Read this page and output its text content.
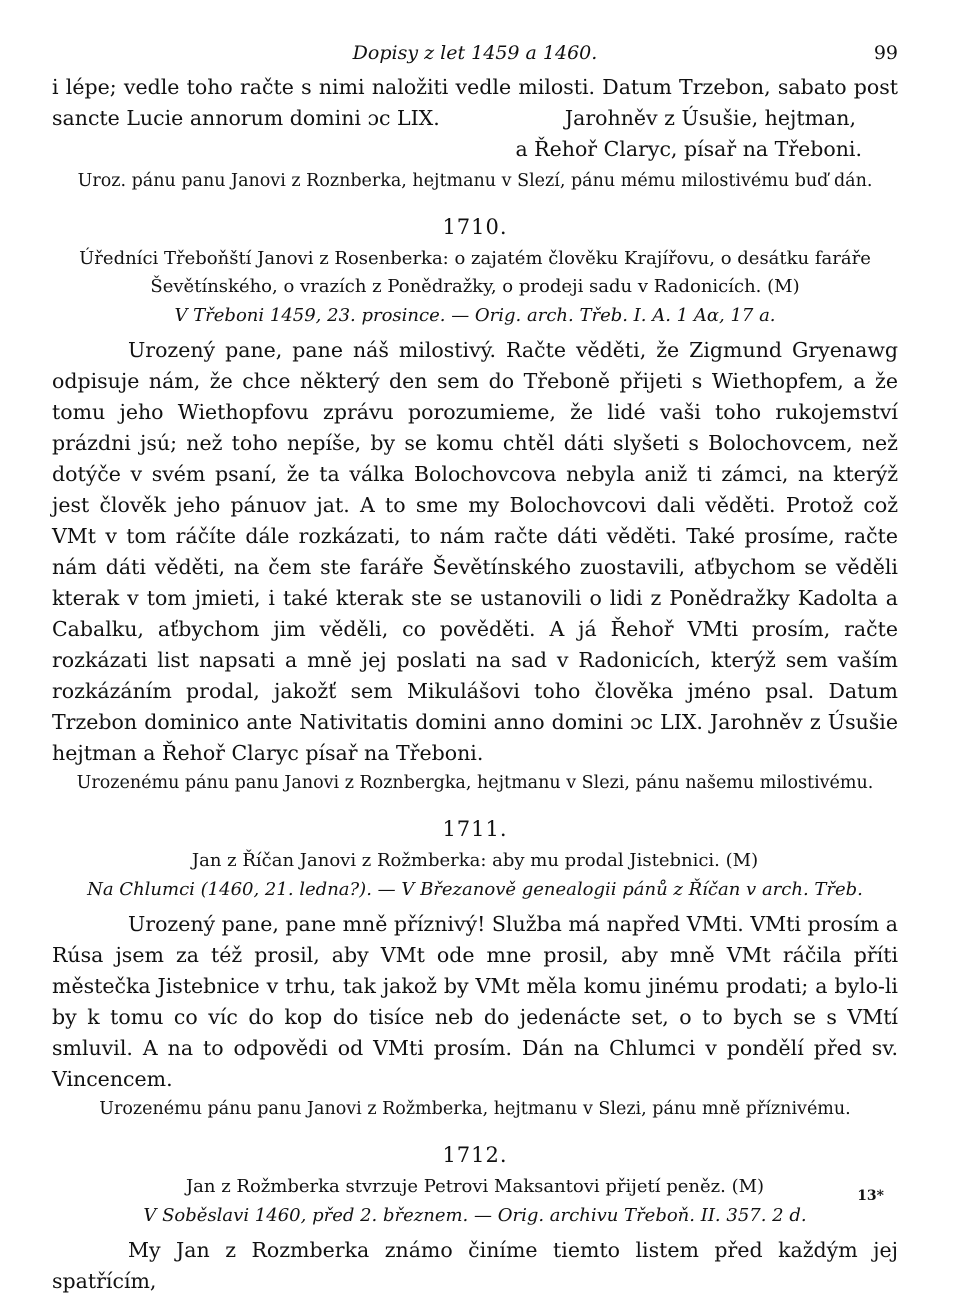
Dopisy z let 1459 a 1460.	99

i lépe; vedle toho račte s nimi naložiti vedle milosti. Datum Trzebon, sabato post sancte Lucie annorum domini ɔc LIX.	Jarohněv z Úsušie, hejtman,

a Řehoř Claryc, písař na Třeboni.

Uroz. pánu panu Janovi z Roznberka, hejtmanu v Slezí, pánu mému milostivému buď dán.

1710.

Úředníci Třeboňští Janovi z Rosenberka: o zajatém člověku Krajířovu, o desátku faráře Ševětínského, o vrazích z Ponědražky, o prodeji sadu v Radonicích. (M)

V Třeboni 1459, 23. prosince. — Orig. arch. Třeb. I. A. 1 Aα, 17 a.

Urozený pane, pane náš milostivý. Račte věděti, že Zigmund Gryenawg odpisuje nám, že chce některý den sem do Třeboně přijeti s Wiethopfem, a že tomu jeho Wiethopfovu zprávu porozumieme, že lidé vaši toho rukojemství prázdni jsú; než toho nepíše, by se komu chtěl dáti slyšeti s Bolochovcem, než dotýče v svém psaní, že ta válka Bolochovcova nebyla aniž ti zámci, na kterýž jest člověk jeho pánuov jat. A to sme my Bolochovcovi dali věděti. Protož což VMt v tom ráčíte dále rozkázati, to nám račte dáti věděti. Také prosíme, račte nám dáti věděti, na čem ste faráře Ševětínského zuostavili, aťbychom se věděli kterak v tom jmieti, i také kterak ste se ustanovili o lidi z Ponědražky Kadolta a Cabalku, aťbychom jim věděli, co pověděti. A já Řehoř VMti prosím, račte rozkázati list napsati a mně jej poslati na sad v Radonicích, kterýž sem vaším rozkázáním prodal, jakožť sem Mikulášovi toho člověka jméno psal. Datum Trzebon dominico ante Nativitatis domini anno domini ɔc LIX. Jarohněv z Úsušie hejtman a Řehoř Claryc písař na Třeboni.

Urozenému pánu panu Janovi z Roznbergka, hejtmanu v Slezi, pánu našemu milostivému.

1711.

Jan z Říčan Janovi z Rožmberka: aby mu prodal Jistebnici. (M)

Na Chlumci (1460, 21. ledna?). — V Březanově genealogii pánů z Říčan v arch. Třeb.

Urozený pane, pane mně příznivý! Služba má napřed VMti. VMti prosím a Rúsa jsem za též prosil, aby VMt ode mne prosil, aby mně VMt ráčila příti městečka Jistebnice v trhu, tak jakož by VMt měla komu jinému prodati; a bylo-li by k tomu co víc do kop do tisíce neb do jedenácte set, o to bych se s VMtí smluvil. A na to odpovědi od VMti prosím. Dán na Chlumci v pondělí před sv. Vincencem.

Urozenému pánu panu Janovi z Rožmberka, hejtmanu v Slezi, pánu mně příznivému.

1712.

Jan z Rožmberka stvrzuje Petrovi Maksantovi přijetí peněz. (M)

V Soběslavi 1460, před 2. březnem. — Orig. archivu Třeboň. II. 357. 2 d.

My Jan z Rozmberka známo činíme tiemto listem před každým jej spatřícím,

13*
